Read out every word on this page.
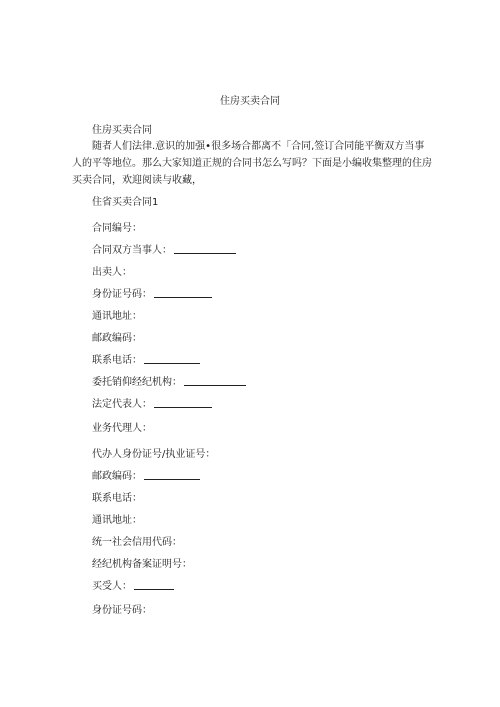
住房买卖合同
住房买卖合同
随者人们法律.意识的加强•很多场合都离不「合同,签订合同能平衡双方当事人的平等地位。那么大家知道正规的合同书怎么写吗？下面是小编收集整理的住房买卖合同，欢迎阅读与收藏，
住省买卖合同1
合同编号：
合同双方当事人：
出卖人：
身份证号码：
通讯地址：
邮政编码：
联系电话：
委托销仰经纪机构：
法定代表人：
业务代理人：
代办人身份证号/执业证号：
邮政编码：
联系电话：
通讯地址：
统一社会信用代码：
经纪机构备案证明号：
买受人：
身份证号码：
